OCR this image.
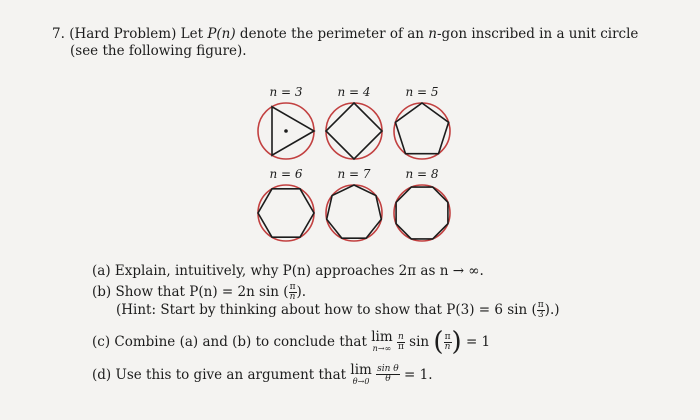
7. (Hard Problem) Let P(n) denote the perimeter of an n-gon inscribed in a unit circle
(see the following figure).
n = 3	n = 4	n = 5
n = 6	n = 7	n = 8
(a) Explain, intuitively, why P(n) approaches 2π as n → ∞.
(b) Show that P(n) = 2n sin ( $\frac{\pi}{n}$ ).
(Hint: Start by thinking about how to show that P(3) = 6 sin ( $\frac{\pi}{3}$ ).)
(c) Combine (a) and (b) to conclude that lim
n→∞
$\frac{n}{\pi}$ sin ( $\frac{\pi}{n}$ ) = 1
(d) Use this to give an argument that lim
θ→0
$\frac{\text{sin θ}}{\theta} = 1$.
